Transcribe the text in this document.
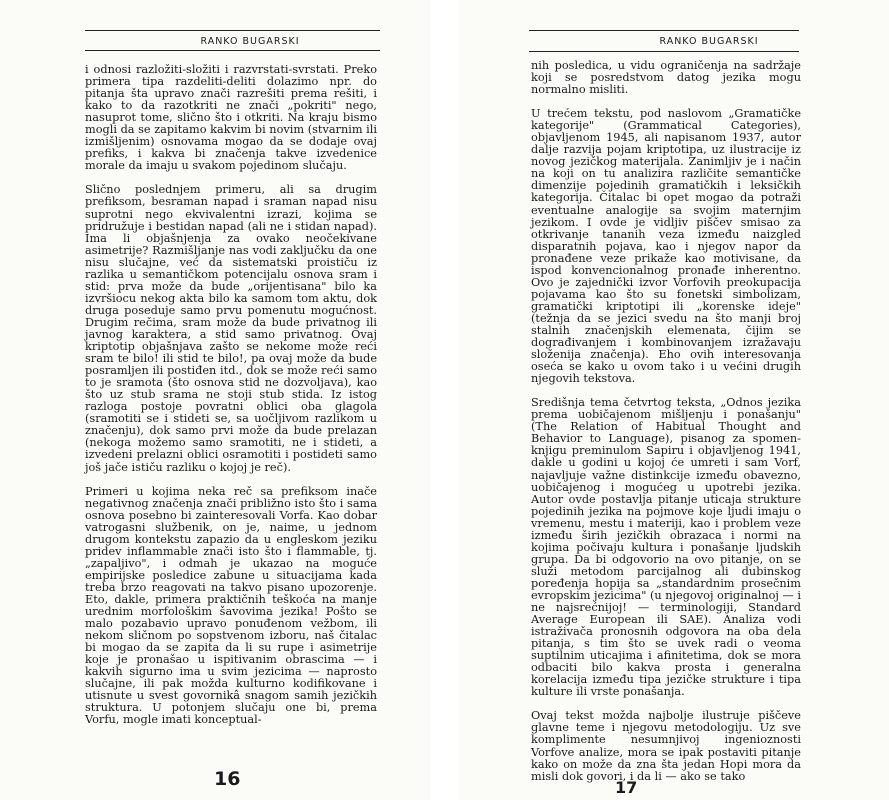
RANKO BUGARSKI

i odnosi razložiti-složiti i razvrstati-svrstati. Preko primera tipa razdeliti-deliti dolazimo npr. do pitanja šta upravo znači razrešiti prema rešiti, i kako to da razotkriti ne znači „pokriti" nego, nasuprot tome, slično što i otkriti. Na kraju bismo mogli da se zapitamo kakvim bi novim (stvarnim ili izmišljenim) osnovama mogao da se dodaje ovaj prefiks, i kakva bi značenja takve izvedenice morale da imaju u svakom pojedinom slučaju.

Slično poslednjem primeru, ali sa drugim prefiksom, besraman napad i sraman napad nisu suprotni nego ekvivalentni izrazi, kojima se pridružuje i bestidan napad (ali ne i stidan napad). Ima li objašnjenja za ovako neočekivane asimetrije? Razmišljanje nas vodi zaključku da one nisu slučajne, već da sistematski proističu iz razlika u semantičkom potencijalu osnova sram i stid: prva može da bude „orijentisana" bilo ka izvršiocu nekog akta bilo ka samom tom aktu, dok druga poseduje samo prvu pomenutu mogućnost. Drugim rečima, sram može da bude privatnog ili javnog karaktera, a stid samo privatnog. Ovaj kriptotip objašnjava zašto se nekome može reći sram te bilo! ili stid te bilo!, pa ovaj može da bude posramljen ili postiđen itd., dok se može reći samo to je sramota (što osnova stid ne dozvoljava), kao što uz stub srama ne stoji stub stida. Iz istog razloga postoje povratni oblici oba glagola (sramotiti se i stideti se, sa uočljivom razlikom u značenju), dok samo prvi može da bude prelazan (nekoga možemo samo sramotiti, ne i stideti, a izvedeni prelazni oblici osramotiti i postideti samo još jače ističu razliku o kojoj je reč).

Primeri u kojima neka reč sa prefiksom inače negativnog značenja znači približno isto što i sama osnova posebno bi zainteresovali Vorfa. Kao dobar vatrogasni službenik, on je, naime, u jednom drugom kontekstu zapazio da u engleskom jeziku pridev inflammable znači isto što i flammable, tj. „zapaljivo", i odmah je ukazao na moguće empirijske posledice zabune u situacijama kada treba brzo reagovati na takvo pisano upozorenje. Eto, dakle, primera praktičnih teškoća na manje urednim morfološkim šavovima jezika! Pošto se malo pozabavio upravo ponuđenom vežbom, ili nekom sličnom po sopstvenom izboru, naš čitalac bi mogao da se zapita da li su rupe i asimetrije koje je pronašao u ispitivanim obrascima — i kakvih sigurno ima u svim jezicima — naprosto slučajne, ili pak možda kulturno kodifikovane i utisnute u svest govornikâ snagom samih jezičkih struktura. U potonjem slučaju one bi, prema Vorfu, mogle imati konceptual-

16
RANKO BUGARSKI

nih posledica, u vidu ograničenja na sadržaje koji se posredstvom datog jezika mogu normalno misliti.

U trećem tekstu, pod naslovom „Gramatičke kategorije" (Grammatical Categories), objavljenom 1945, ali napisanom 1937, autor dalje razvija pojam kriptotipa, uz ilustracije iz novog jezičkog materijala. Zanimljiv je i način na koji on tu analizira različite semantičke dimenzije pojedinih gramatičkih i leksičkih kategorija. Čitalac bi opet mogao da potraži eventualne analogije sa svojim maternjim jezikom. I ovde je vidljiv piščev smisao za otkrivanje tananih veza između naizgled disparatnih pojava, kao i njegov napor da pronađene veze prikaže kao motivisane, da ispod konvencionalnog pronađe inherentno. Ovo je zajednički izvor Vorfovih preokupacija pojavama kao što su fonetski simbolizam, gramatički kriptotipi ili „korenske ideje" (težnja da se jezici svedu na što manji broj stalnih značenjskih elemenata, čijim se dograđivanjem i kombinovanjem izražavaju složenija značenja). Eho ovih interesovanja oseća se kako u ovom tako i u većini drugih njegovih tekstova.

Središnja tema četvrtog teksta, „Odnos jezika prema uobičajenom mišljenju i ponašanju" (The Relation of Habitual Thought and Behavior to Language), pisanog za spomen-knjigu preminulom Sapiru i objavljenog 1941, dakle u godini u kojoj će umreti i sam Vorf, najavljuje važne distinkcije između obavezno, uobičajenog i mogućeg u upotrebi jezika. Autor ovde postavlja pitanje uticaja strukture pojedinih jezika na pojmove koje ljudi imaju o vremenu, mestu i materiji, kao i problem veze između širih jezičkih obrazaca i normi na kojima počivaju kultura i ponašanje ljudskih grupa. Da bi odgovorio na ovo pitanje, on se služi metodom parcijalnog ali dubinskog poređenja hopija sa „standardnim prosečnim evropskim jezicima" (u njegovoj originalnoj — i ne najsrećnijoj! — terminologiji, Standard Average European ili SAE). Analiza vodi istraživača pronosnih odgovora na oba dela pitanja, s tim što se uvek radi o veoma suptilnim uticajima i afinitetima, dok se mora odbaciti bilo kakva prosta i generalna korelacija između tipa jezičke strukture i tipa kulture ili vrste ponašanja.

Ovaj tekst možda najbolje ilustruje piščeve glavne teme i njegovu metodologiju. Uz sve komplimente nesumnjivoj ingenioznosti Vorfove analize, mora se ipak postaviti pitanje kako on može da zna šta jedan Hopi mora da misli dok govori, i da li — ako se tako

17
